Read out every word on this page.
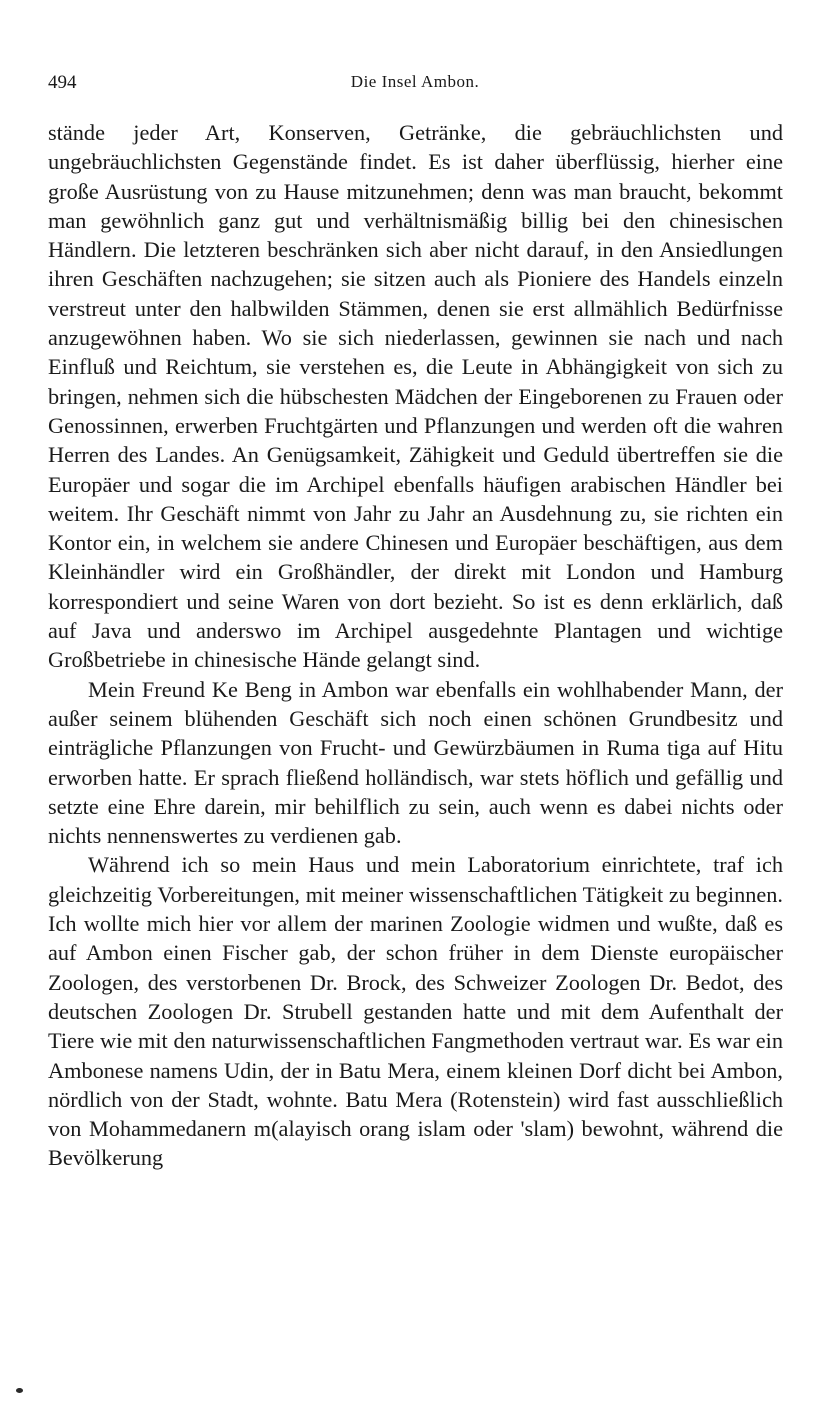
494	Die Insel Ambon.

stände jeder Art, Konserven, Getränke, die gebräuchlichsten und ungebräuchlichsten Gegenstände findet. Es ist daher überflüssig, hierher eine große Ausrüstung von zu Hause mitzunehmen; denn was man braucht, bekommt man gewöhnlich ganz gut und verhältnismäßig billig bei den chinesischen Händlern. Die letzteren beschränken sich aber nicht darauf, in den Ansiedlungen ihren Geschäften nachzugehen; sie sitzen auch als Pioniere des Handels einzeln verstreut unter den halbwilden Stämmen, denen sie erst allmählich Bedürfnisse anzugewöhnen haben. Wo sie sich niederlassen, gewinnen sie nach und nach Einfluß und Reichtum, sie verstehen es, die Leute in Abhängigkeit von sich zu bringen, nehmen sich die hübschesten Mädchen der Eingeborenen zu Frauen oder Genossinnen, erwerben Fruchtgärten und Pflanzungen und werden oft die wahren Herren des Landes. An Genügsamkeit, Zähigkeit und Geduld übertreffen sie die Europäer und sogar die im Archipel ebenfalls häufigen arabischen Händler bei weitem. Ihr Geschäft nimmt von Jahr zu Jahr an Ausdehnung zu, sie richten ein Kontor ein, in welchem sie andere Chinesen und Europäer beschäftigen, aus dem Kleinhändler wird ein Großhändler, der direkt mit London und Hamburg korrespondiert und seine Waren von dort bezieht. So ist es denn erklärlich, daß auf Java und anderswo im Archipel ausgedehnte Plantagen und wichtige Großbetriebe in chinesische Hände gelangt sind.

Mein Freund Ke Beng in Ambon war ebenfalls ein wohlhabender Mann, der außer seinem blühenden Geschäft sich noch einen schönen Grundbesitz und einträgliche Pflanzungen von Frucht- und Gewürzbäumen in Ruma tiga auf Hitu erworben hatte. Er sprach fließend holländisch, war stets höflich und gefällig und setzte eine Ehre darein, mir behilflich zu sein, auch wenn es dabei nichts oder nichts nennenswertes zu verdienen gab.

Während ich so mein Haus und mein Laboratorium einrichtete, traf ich gleichzeitig Vorbereitungen, mit meiner wissenschaftlichen Tätigkeit zu beginnen. Ich wollte mich hier vor allem der marinen Zoologie widmen und wußte, daß es auf Ambon einen Fischer gab, der schon früher in dem Dienste europäischer Zoologen, des verstorbenen Dr. Brock, des Schweizer Zoologen Dr. Bedot, des deutschen Zoologen Dr. Strubell gestanden hatte und mit dem Aufenthalt der Tiere wie mit den naturwissenschaftlichen Fangmethoden vertraut war. Es war ein Ambonese namens Udin, der in Batu Mera, einem kleinen Dorf dicht bei Ambon, nördlich von der Stadt, wohnte. Batu Mera (Rotenstein) wird fast ausschließlich von Mohammedanern m(alayisch orang islam oder 'slam) bewohnt, während die Bevölkerung
